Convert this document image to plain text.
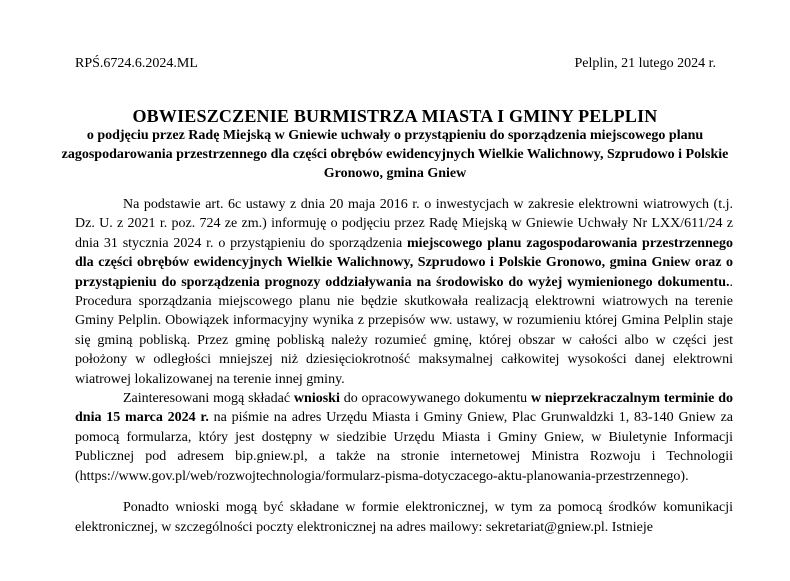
RPŚ.6724.6.2024.ML	Pelplin, 21 lutego 2024 r.
OBWIESZCZENIE BURMISTRZA MIASTA I GMINY PELPLIN
o podjęciu przez Radę Miejską w Gniewie uchwały o przystąpieniu do sporządzenia miejscowego planu zagospodarowania przestrzennego dla części obrębów ewidencyjnych Wielkie Walichnowy, Szprudowo i Polskie Gronowo, gmina Gniew

Na podstawie art. 6c ustawy z dnia 20 maja 2016 r. o inwestycjach w zakresie elektrowni wiatrowych (t.j. Dz. U. z 2021 r. poz. 724 ze zm.) informuję o podjęciu przez Radę Miejską w Gniewie Uchwały Nr LXX/611/24 z dnia 31 stycznia 2024 r. o przystąpieniu do sporządzenia miejscowego planu zagospodarowania przestrzennego dla części obrębów ewidencyjnych Wielkie Walichnowy, Szprudowo i Polskie Gronowo, gmina Gniew oraz o przystąpieniu do sporządzenia prognozy oddziaływania na środowisko do wyżej wymienionego dokumentu.. Procedura sporządzania miejscowego planu nie będzie skutkowała realizacją elektrowni wiatrowych na terenie Gminy Pelplin. Obowiązek informacyjny wynika z przepisów ww. ustawy, w rozumieniu której Gmina Pelplin staje się gminą pobliską. Przez gminę pobliską należy rozumieć gminę, której obszar w całości albo w części jest położony w odległości mniejszej niż dziesięciokrotność maksymalnej całkowitej wysokości danej elektrowni wiatrowej lokalizowanej na terenie innej gminy.

Zainteresowani mogą składać wnioski do opracowywanego dokumentu w nieprzekraczalnym terminie do dnia 15 marca 2024 r. na piśmie na adres Urzędu Miasta i Gminy Gniew, Plac Grunwaldzki 1, 83-140 Gniew za pomocą formularza, który jest dostępny w siedzibie Urzędu Miasta i Gminy Gniew, w Biuletynie Informacji Publicznej pod adresem bip.gniew.pl, a także na stronie internetowej Ministra Rozwoju i Technologii (https://www.gov.pl/web/rozwojtechnologia/formularz-pisma-dotyczacego-aktu-planowania-przestrzennego).

Ponadto wnioski mogą być składane w formie elektronicznej, w tym za pomocą środków komunikacji elektronicznej, w szczególności poczty elektronicznej na adres mailowy: sekretariat@gniew.pl. Istnieje
